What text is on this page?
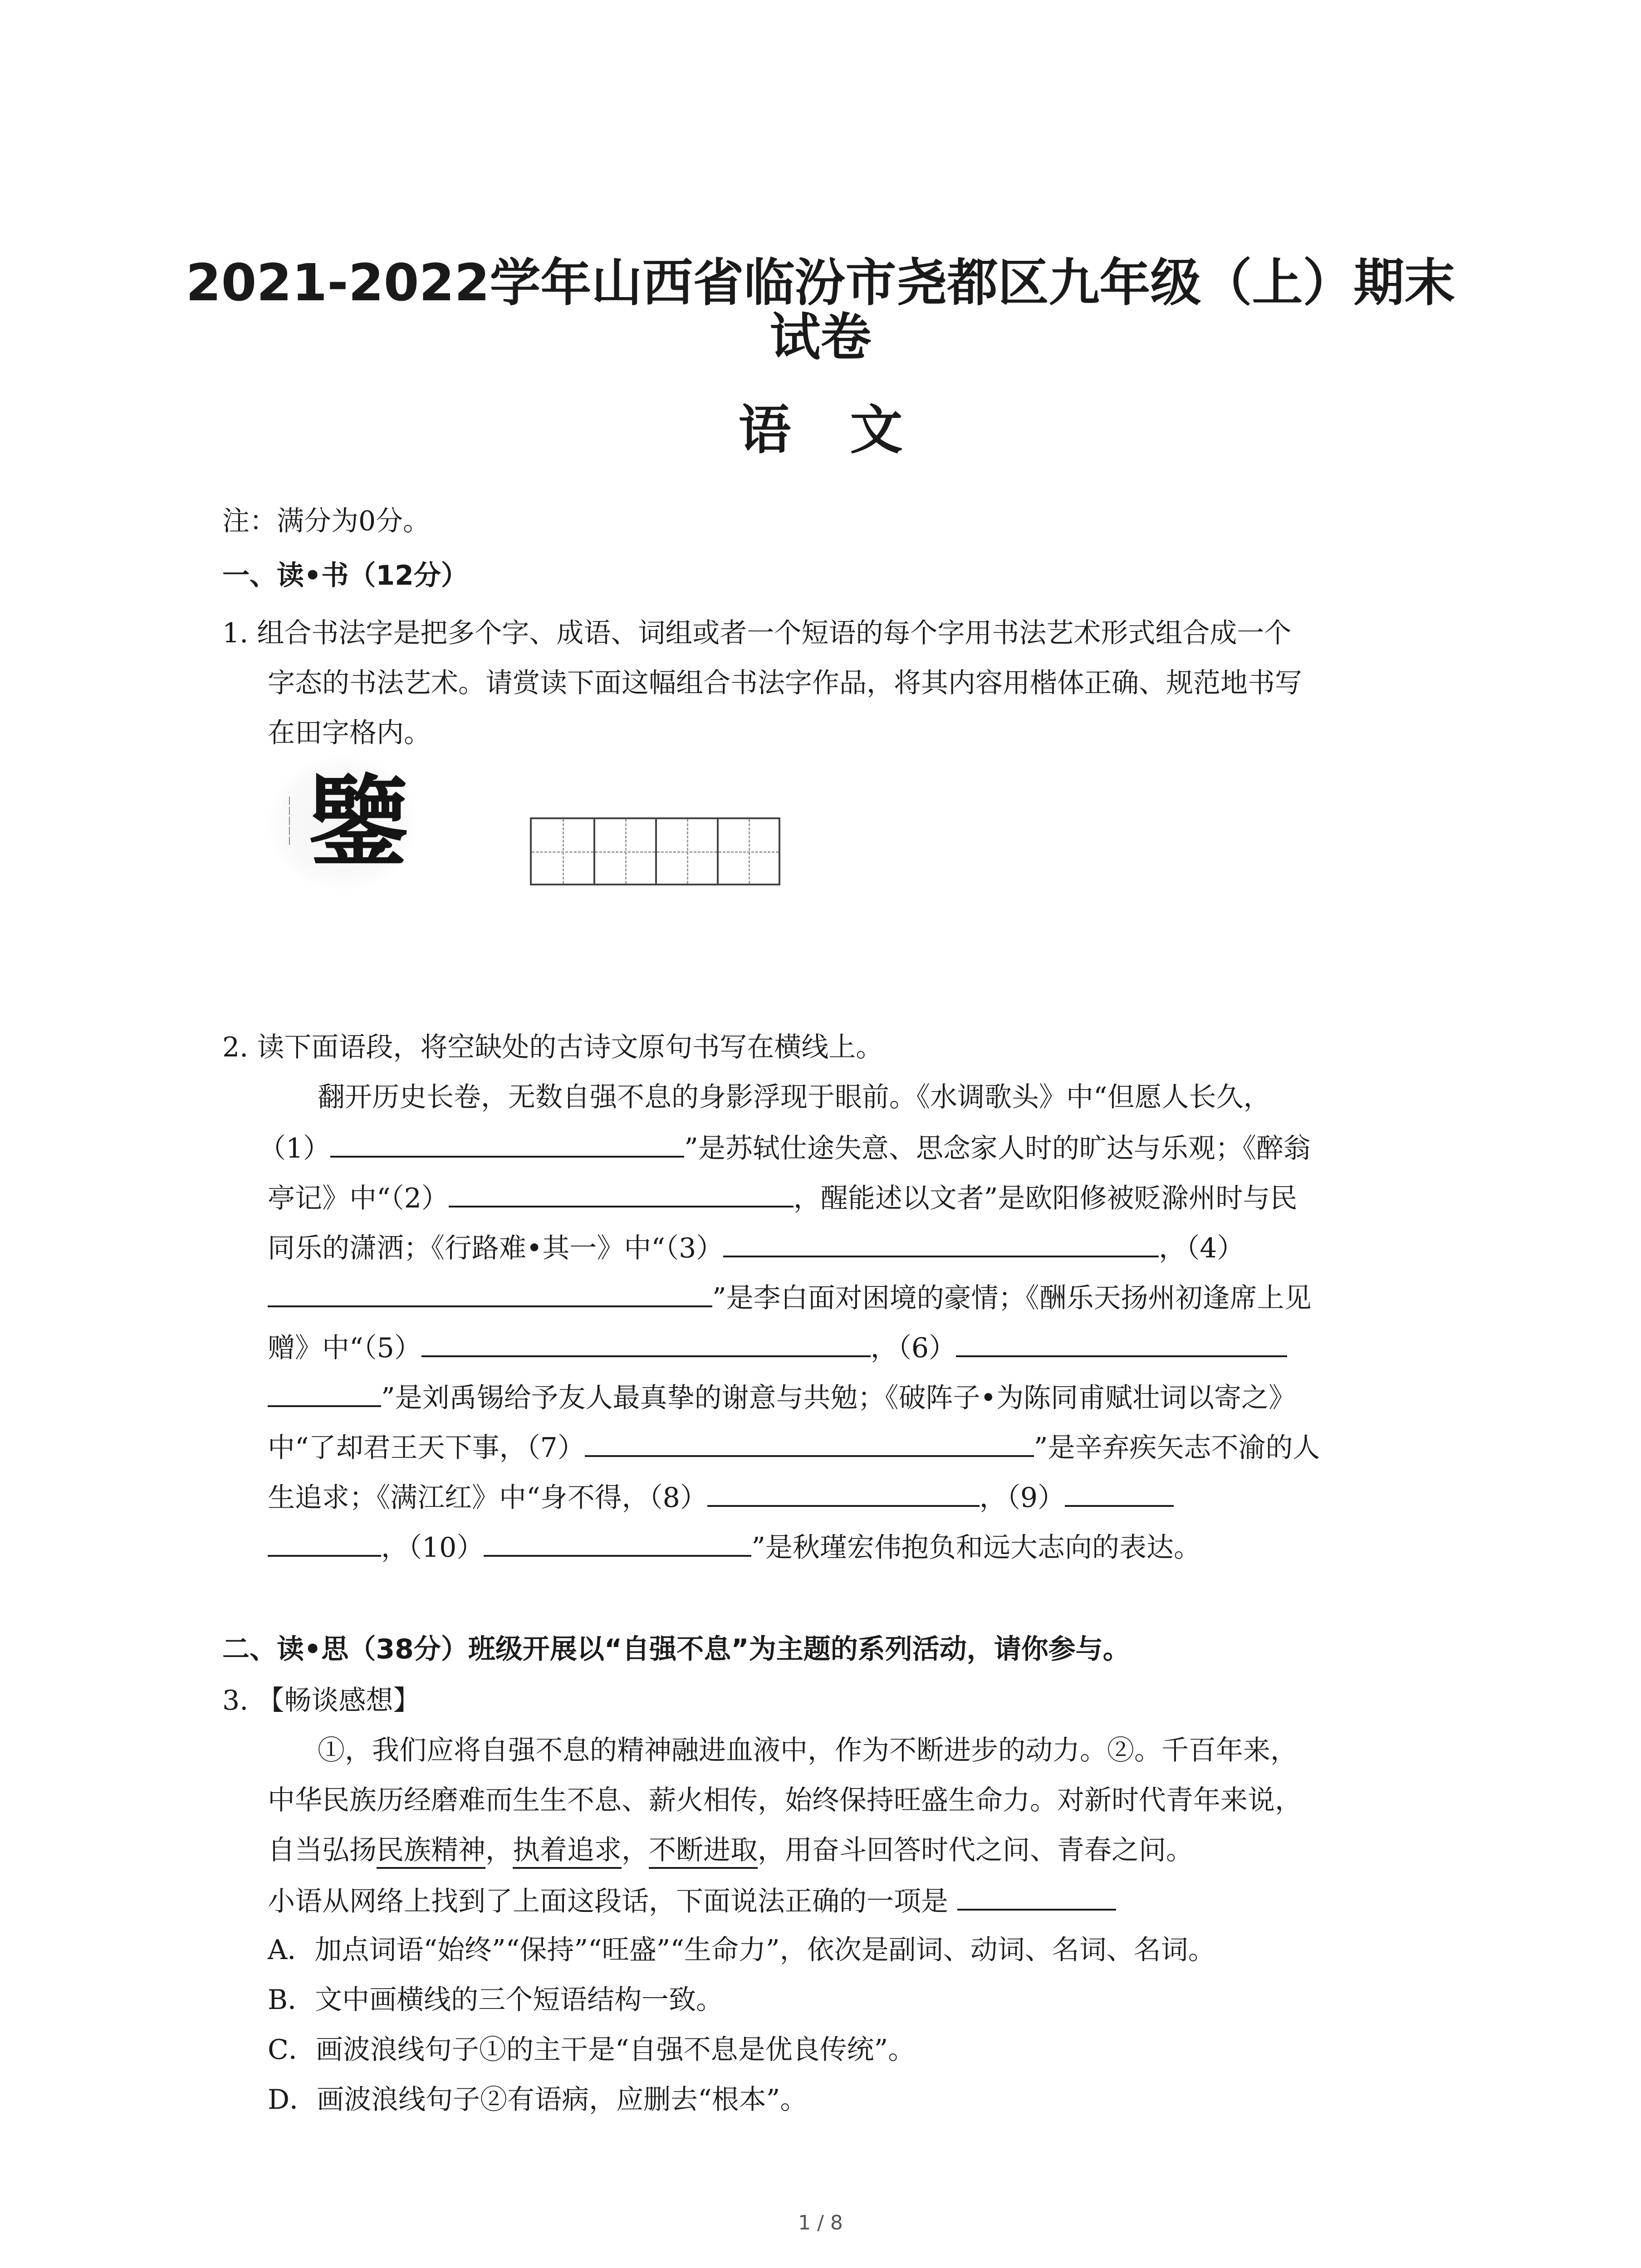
2021-2022学年山西省临汾市尧都区九年级（上）期末
试卷
语文
注：满分为0分。
一、读•书（12分）
1. 组合书法字是把多个字、成语、词组或者一个短语的每个字用书法艺术形式组合成一个
字态的书法艺术。请赏读下面这幅组合书法字作品，将其内容用楷体正确、规范地书写
在田字格内。
丨丨丨丨丨 鑒
2. 读下面语段，将空缺处的古诗文原句书写在横线上。
翻开历史长卷，无数自强不息的身影浮现于眼前。《水调歌头》中“但愿人长久，
（1）	”是苏轼仕途失意、思念家人时的旷达与乐观；《醉翁
亭记》中“（2）	，醒能述以文者”是欧阳修被贬滁州时与民
同乐的潇洒；《行路难•其一》中“（3）	，（4）
”是李白面对困境的豪情；《酬乐天扬州初逢席上见
赠》中“（5）	，（6）
”是刘禹锡给予友人最真挚的谢意与共勉；《破阵子•为陈同甫赋壮词以寄之》
中“了却君王天下事，（7）	”是辛弃疾矢志不渝的人
生追求；《满江红》中“身不得，（8）	，（9）
，（10）	”是秋瑾宏伟抱负和远大志向的表达。
二、读•思（38分）班级开展以“自强不息”为主题的系列活动，请你参与。
3. 【畅谈感想】
①，我们应将自强不息的精神融进血液中，作为不断进步的动力。②。千百年来，
中华民族历经磨难而生生不息、薪火相传，始终保持旺盛生命力。对新时代青年来说，
自当弘扬民族精神，执着追求，不断进取，用奋斗回答时代之问、青春之问。
小语从网络上找到了上面这段话，下面说法正确的一项是
A．加点词语“始终”“保持”“旺盛”“生命力”，依次是副词、动词、名词、名词。
B．文中画横线的三个短语结构一致。
C．画波浪线句子①的主干是“自强不息是优良传统”。
D．画波浪线句子②有语病，应删去“根本”。
1 / 8
